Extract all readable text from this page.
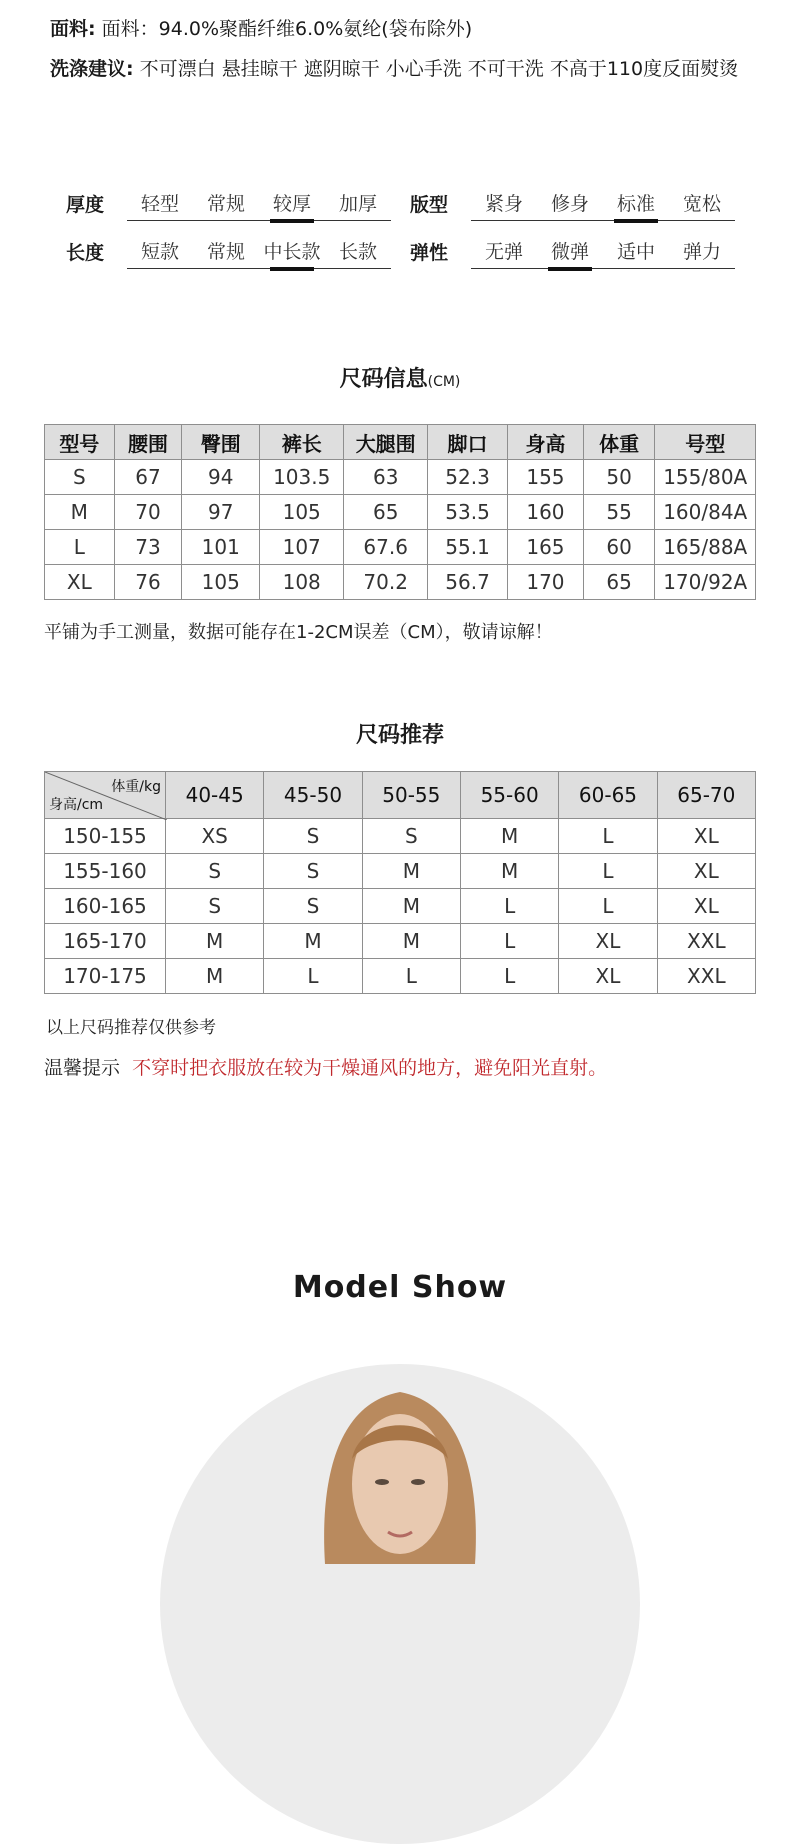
面料: 面料：94.0%聚酯纤维6.0%氨纶(袋布除外)
洗涤建议: 不可漂白 悬挂晾干 遮阴晾干 小心手洗 不可干洗 不高于110度反面熨烫
厚度	轻型	常规	较厚	加厚	版型	紧身	修身	标准	宽松
长度	短款	常规 中长款 长款	弹性	无弹	微弹	适中	弹力
尺码信息(CM)
型号	腰围	臀围	裤长	大腿围	脚口	身高	体重	号型
S	67	94	103.5	63	52.3	155	50	155/80A
M	70	97	105	65	53.5	160	55	160/84A
L	73	101	107	67.6	55.1	165	60	165/88A
XL	76	105	108	70.2	56.7	170	65	170/92A
平铺为手工测量，数据可能存在1-2CM误差（CM），敬请谅解！
尺码推荐
体重/kg
身高/cm	40-45	45-50	50-55	55-60	60-65	65-70
150-155	XS	S	S	M	L	XL
155-160	S	S	M	M	L	XL
160-165	S	S	M	L	L	XL
165-170	M	M	M	L	XL	XXL
170-175	M	L	L	L	XL	XXL
以上尺码推荐仅供参考
温馨提示 不穿时把衣服放在较为干燥通风的地方，避免阳光直射。
Model Show
